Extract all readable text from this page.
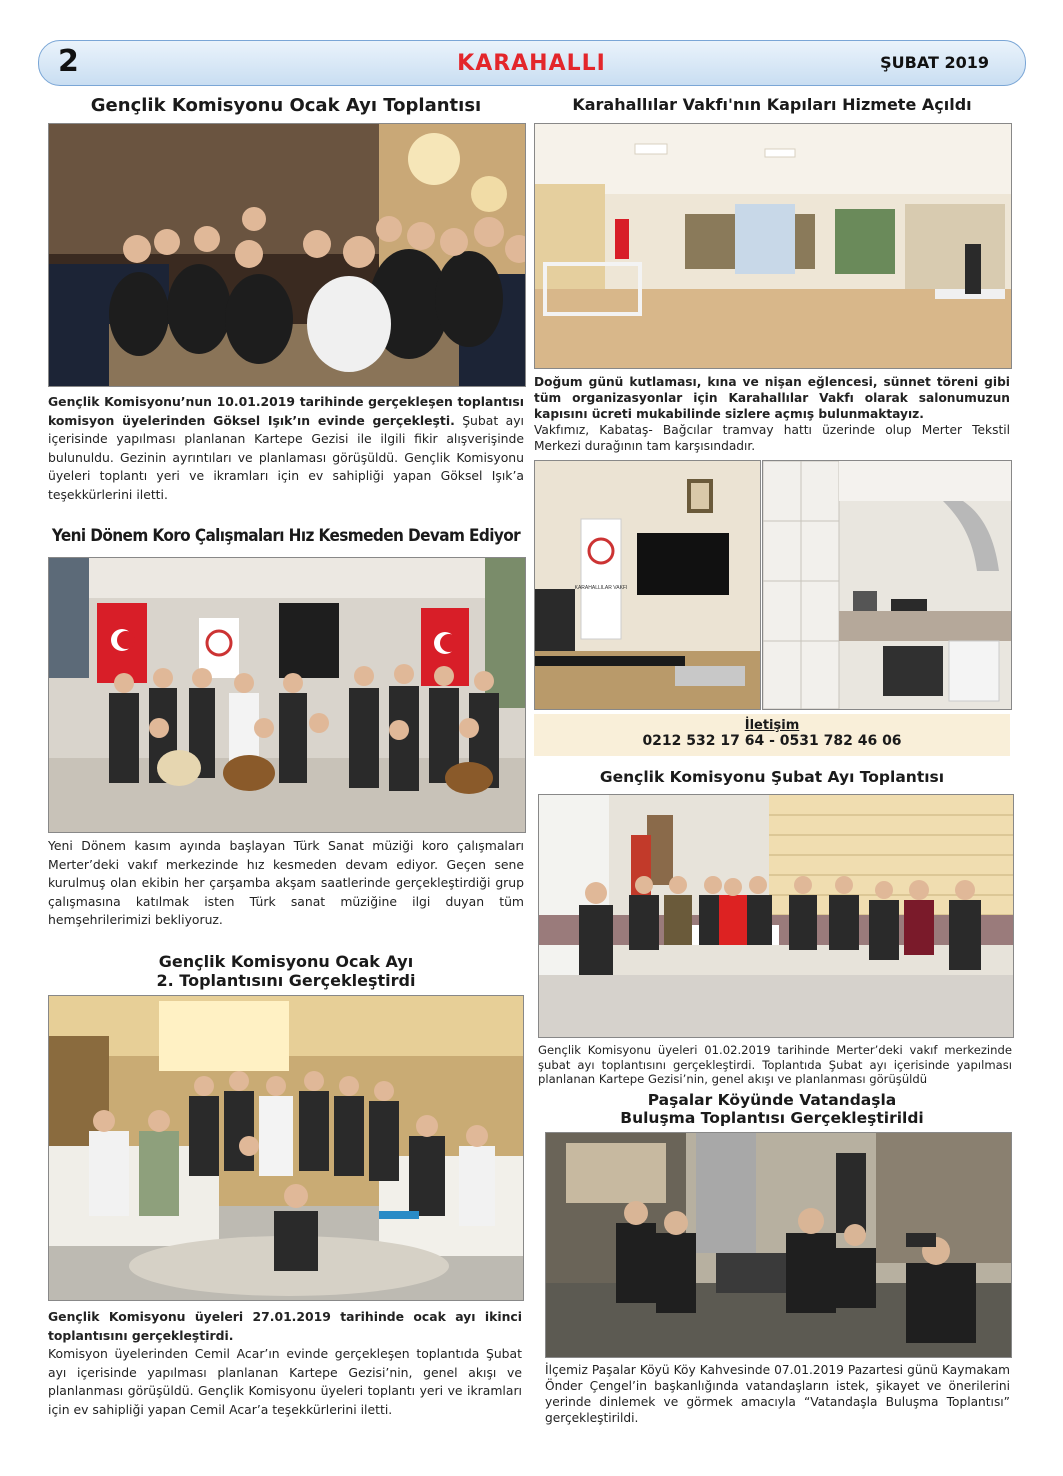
2	KARAHALLI	ŞUBAT 2019
Gençlik Komisyonu Ocak Ayı Toplantısı
Gençlik Komisyonu’nun 10.01.2019 tarihinde gerçekleşen toplantısı komisyon üyelerinden Göksel Işık’ın evinde gerçekleşti. Şubat ayı içerisinde yapılması planlanan Kartepe Gezisi ile ilgili fikir alışverişinde bulunuldu. Gezinin ayrıntıları ve planlaması görüşüldü. Gençlik Komisyonu üyeleri toplantı yeri ve ikramları için ev sahipliği yapan Göksel Işık’a teşekkürlerini iletti.
Yeni Dönem Koro Çalışmaları Hız Kesmeden Devam Ediyor
Yeni Dönem kasım ayında başlayan Türk Sanat müziği koro çalışmaları Merter’deki vakıf merkezinde hız kesmeden devam ediyor. Geçen sene kurulmuş olan ekibin her çarşamba akşam saatlerinde gerçekleştirdiği grup çalışmasına katılmak isten Türk sanat müziğine ilgi duyan tüm hemşehrilerimizi bekliyoruz.
Gençlik Komisyonu Ocak Ayı
2. Toplantısını Gerçekleştirdi
Gençlik Komisyonu üyeleri 27.01.2019 tarihinde ocak ayı ikinci toplantısını gerçekleştirdi.
Komisyon üyelerinden Cemil Acar’ın evinde gerçekleşen toplantıda Şubat ayı içerisinde yapılması planlanan Kartepe Gezisi’nin, genel akışı ve planlanması görüşüldü. Gençlik Komisyonu üyeleri toplantı yeri ve ikramları için ev sahipliği yapan Cemil Acar’a teşekkürlerini iletti.
Karahallılar Vakfı'nın Kapıları Hizmete Açıldı
Doğum günü kutlaması, kına ve nişan eğlencesi, sünnet töreni gibi tüm organizasyonlar için Karahallılar Vakfı olarak salonumuzun kapısını ücreti mukabilinde sizlere açmış bulunmaktayız.
Vakfımız, Kabataş- Bağcılar tramvay hattı üzerinde olup Merter Tekstil Merkezi durağının tam karşısındadır.
KARAHALLILAR VAKFI
İletişim
0212 532 17 64 - 0531 782 46 06
Gençlik Komisyonu Şubat Ayı Toplantısı
Gençlik Komisyonu üyeleri 01.02.2019 tarihinde Merter’deki vakıf merkezinde şubat ayı toplantısını gerçekleştirdi. Toplantıda Şubat ayı içerisinde yapılması planlanan Kartepe Gezisi’nin, genel akışı ve planlanması görüşüldü
Paşalar Köyünde Vatandaşla
Buluşma Toplantısı Gerçekleştirildi
İlçemiz Paşalar Köyü Köy Kahvesinde 07.01.2019 Pazartesi günü Kaymakam Önder Çengel’in başkanlığında vatandaşların istek, şikayet ve önerilerini yerinde dinlemek ve görmek amacıyla “Vatandaşla Buluşma Toplantısı” gerçekleştirildi.
